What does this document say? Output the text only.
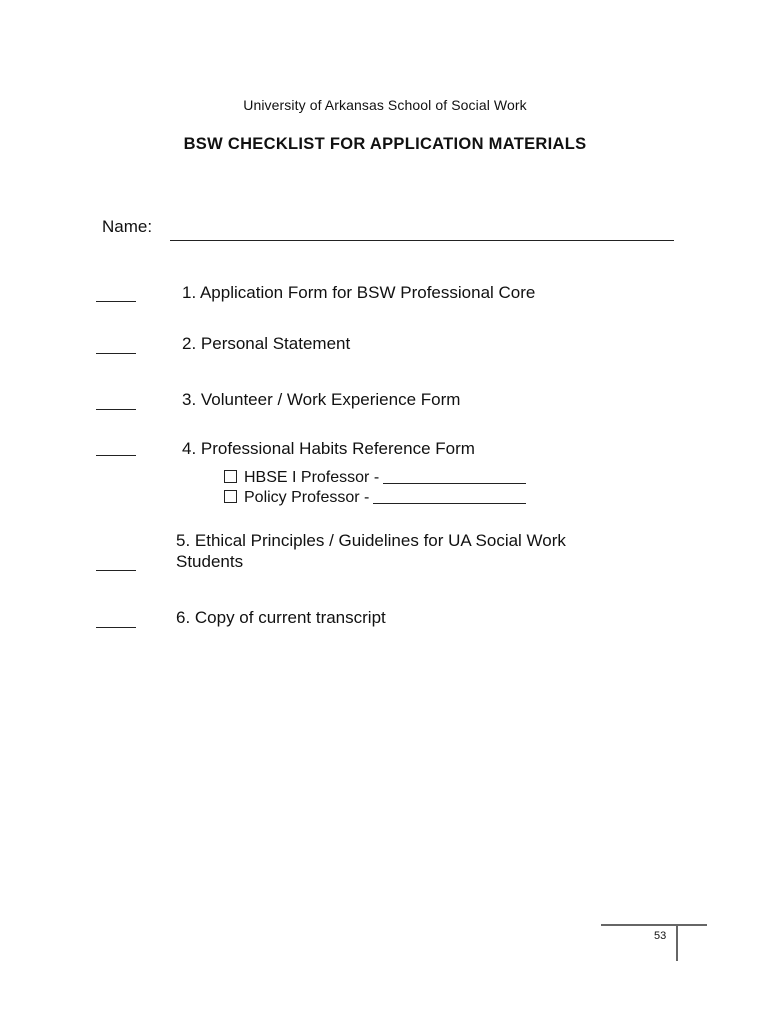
University of Arkansas School of Social Work
BSW CHECKLIST FOR APPLICATION MATERIALS
Name:
1. Application Form for BSW Professional Core
2. Personal Statement
3. Volunteer / Work Experience Form
4. Professional Habits Reference Form
HBSE I Professor -
Policy Professor -
5. Ethical Principles / Guidelines for UA Social Work
Students
6. Copy of current transcript
53
